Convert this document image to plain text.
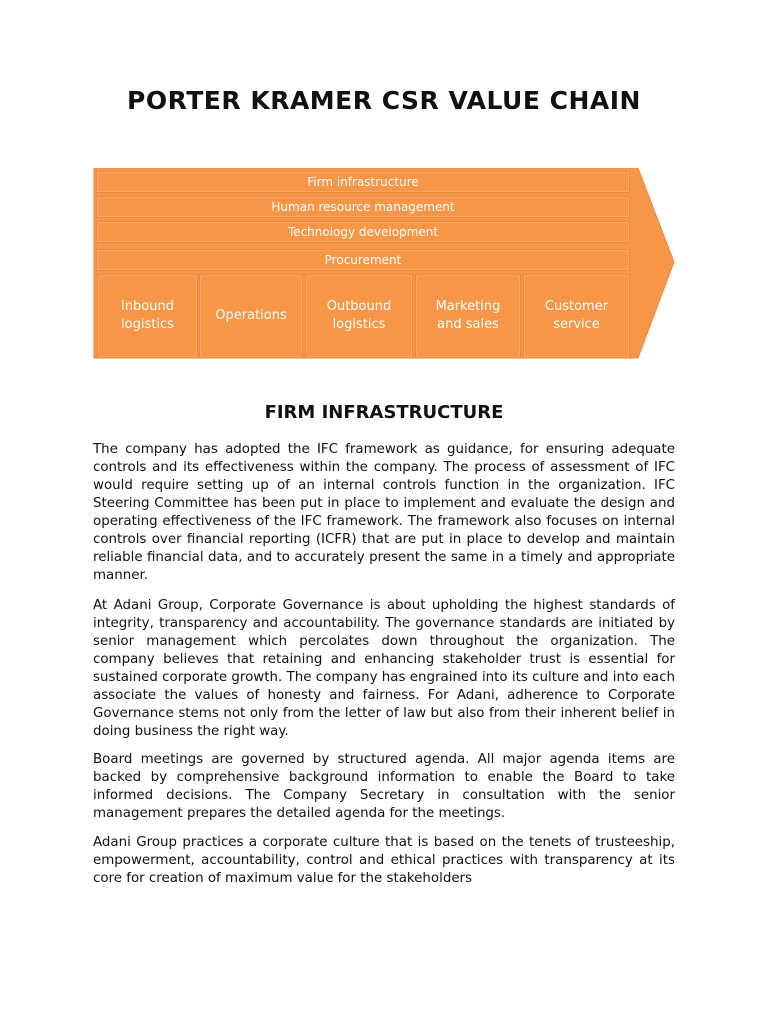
PORTER KRAMER CSR VALUE CHAIN
Firm infrastructure
Human resource management
Technology development
Procurement
Inbound
logistics
Operations
Outbound
logistics
Marketing
and sales
Customer
service
FIRM INFRASTRUCTURE

The company has adopted the IFC framework as guidance, for ensuring adequate controls and its effectiveness within the company. The process of assessment of IFC would require setting up of an internal controls function in the organization. IFC Steering Committee has been put in place to implement and evaluate the design and operating effectiveness of the IFC framework. The framework also focuses on internal controls over financial reporting (ICFR) that are put in place to develop and maintain reliable financial data, and to accurately present the same in a timely and appropriate manner.

At Adani Group, Corporate Governance is about upholding the highest standards of integrity, transparency and accountability. The governance standards are initiated by senior management which percolates down throughout the organization. The company believes that retaining and enhancing stakeholder trust is essential for sustained corporate growth. The company has engrained into its culture and into each associate the values of honesty and fairness. For Adani, adherence to Corporate Governance stems not only from the letter of law but also from their inherent belief in doing business the right way.

Board meetings are governed by structured agenda. All major agenda items are backed by comprehensive background information to enable the Board to take informed decisions. The Company Secretary in consultation with the senior management prepares the detailed agenda for the meetings.

Adani Group practices a corporate culture that is based on the tenets of trusteeship, empowerment, accountability, control and ethical practices with transparency at its core for creation of maximum value for the stakeholders
